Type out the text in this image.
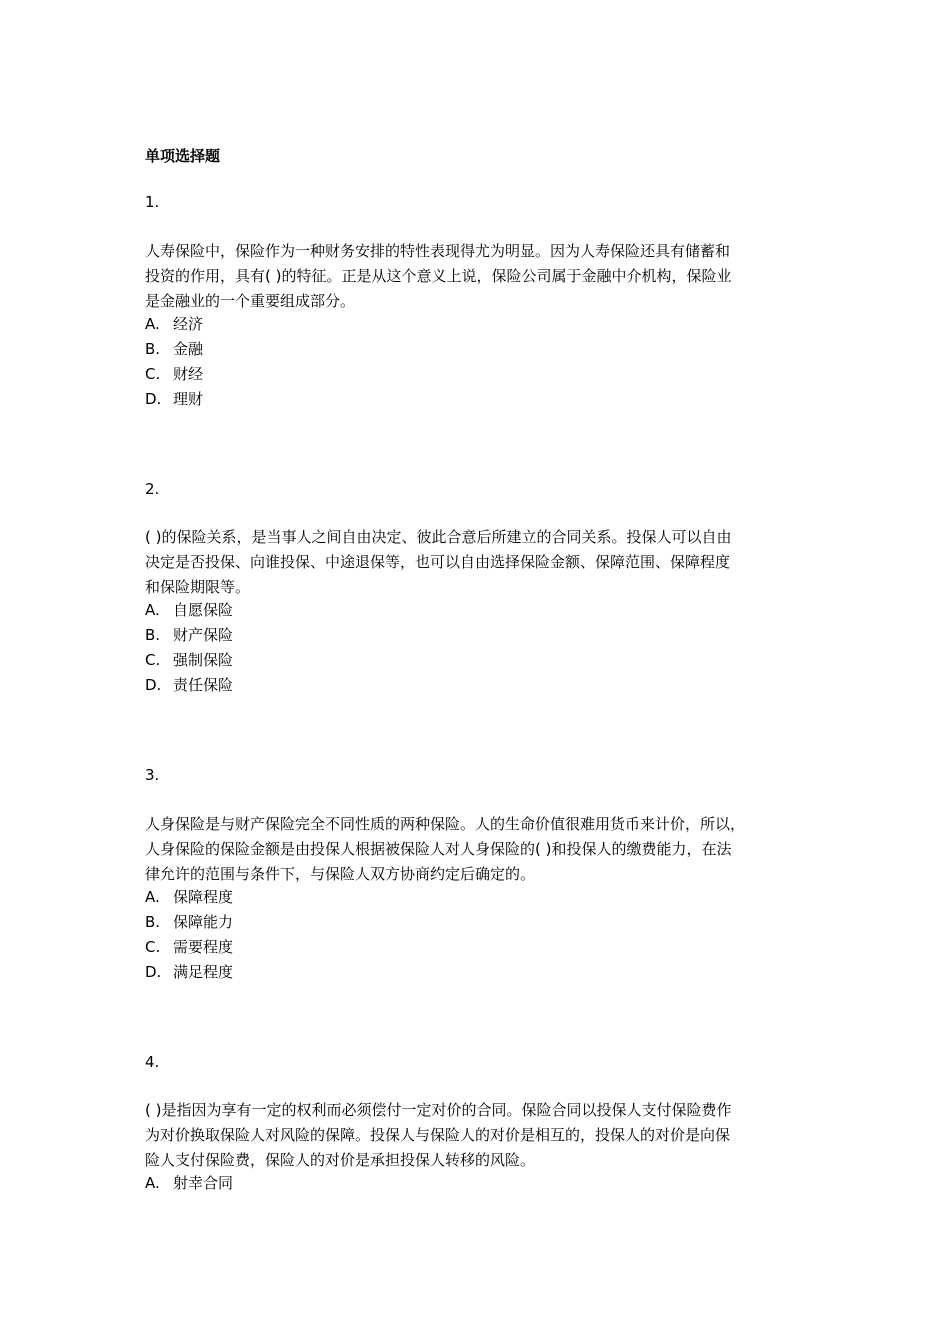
单项选择题
1.
人寿保险中，保险作为一种财务安排的特性表现得尤为明显。因为人寿保险还具有储蓄和
投资的作用，具有( )的特征。正是从这个意义上说，保险公司属于金融中介机构，保险业
是金融业的一个重要组成部分。
A. 经济
B. 金融
C. 财经
D. 理财
2.
( )的保险关系，是当事人之间自由决定、彼此合意后所建立的合同关系。投保人可以自由
决定是否投保、向谁投保、中途退保等，也可以自由选择保险金额、保障范围、保障程度
和保险期限等。
A. 自愿保险
B. 财产保险
C. 强制保险
D. 责任保险
3.
人身保险是与财产保险完全不同性质的两种保险。人的生命价值很难用货币来计价，所以，
人身保险的保险金额是由投保人根据被保险人对人身保险的( )和投保人的缴费能力，在法
律允许的范围与条件下，与保险人双方协商约定后确定的。
A. 保障程度
B. 保障能力
C. 需要程度
D. 满足程度
4.
( )是指因为享有一定的权利而必须偿付一定对价的合同。保险合同以投保人支付保险费作
为对价换取保险人对风险的保障。投保人与保险人的对价是相互的，投保人的对价是向保
险人支付保险费，保险人的对价是承担投保人转移的风险。
A. 射幸合同
